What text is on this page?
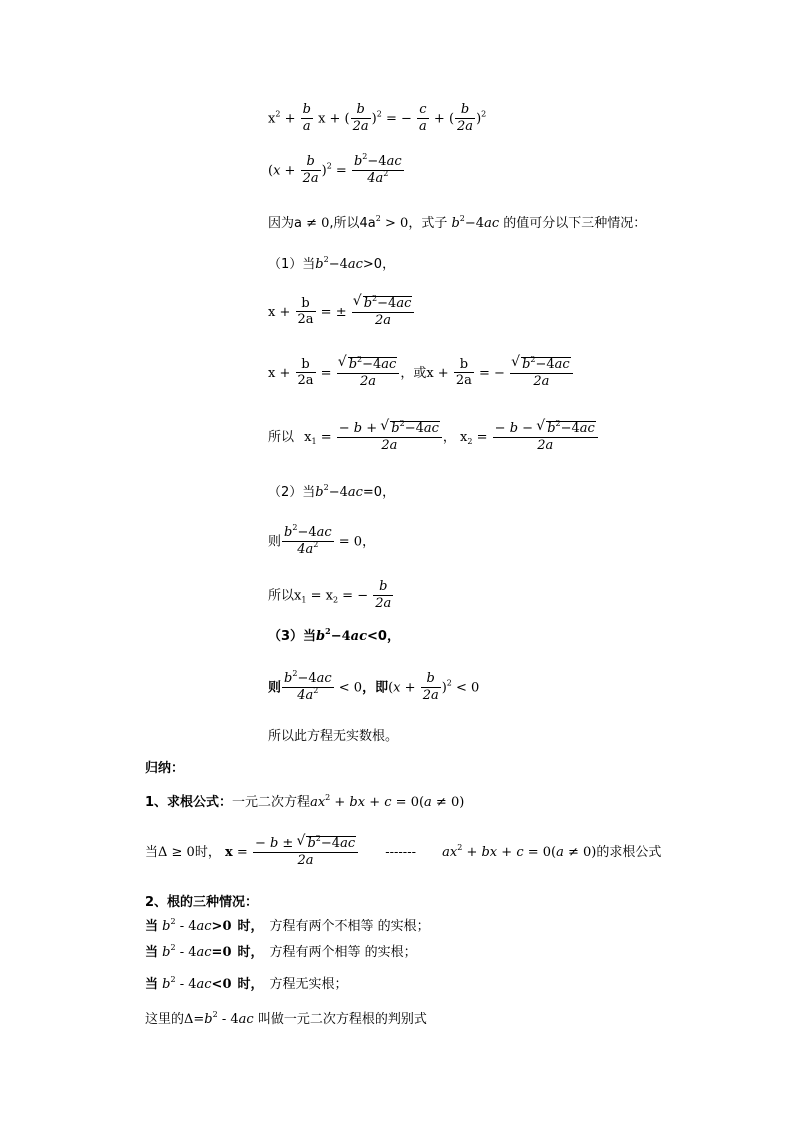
$x^2 + \frac{b}{a}$ x + ( $\frac{b}{2a} )^2$ = − $\frac{c}{a}$ + ( $\frac{b}{2a} )^2$
$(x + \frac{b}{2a} )^2 = \frac{b^2-4ac}{4a^2}$
因为a ≠ 0,所以$4a^2 > 0$，式子 $b^2-4ac$ 的值可分以下三种情况：
（1）当$b^2-4ac>0$，
$x + \frac{b}{2a}$ = ± √ $\frac{b^2-4ac}{2a}$
$x + \frac{b}{2a}$ = √ $\frac{b^2-4ac}{2a}$ ，或$x + \frac{b}{2a}$ = − √ $\frac{b^2-4ac}{2a}$
所以 $x_1 = \frac{- b + √ b^2-4ac}{2a}$ ， $x_2 = \frac{- b - √ b^2-4ac}{2a}$
（2）当$b^2-4ac=0$，
则 $\frac{b^2-4ac}{4a^2} = 0$，
所以$x_1 = x_2$ = − $\frac{b}{2a}$
（3）当$b^2-4ac<0$，
则 $\frac{b^2-4ac}{4a^2} < 0$，即$(x + \frac{b}{2a} )^2 < 0$
所以此方程无实数根。
归纳：
1、求根公式：一元二次方程$ax^2$ + bx + c = 0(a ≠ 0)
当Δ ≥ 0时， $x = \frac{- b \pm √ b^2-4ac}{2a}$ ------- $ax^2$ + bx + c = 0(a ≠ 0)的求根公式
2、根的三种情况：
当 $b^2 - 4ac>0$ 时， 方程有两个不相等 的实根；
当 $b^2 - 4ac=0$ 时， 方程有两个相等 的实根；
当 $b^2 - 4ac<0$ 时， 方程无实根；
这里的$\Delta=b^2 - 4ac$ 叫做一元二次方程根的判别式
